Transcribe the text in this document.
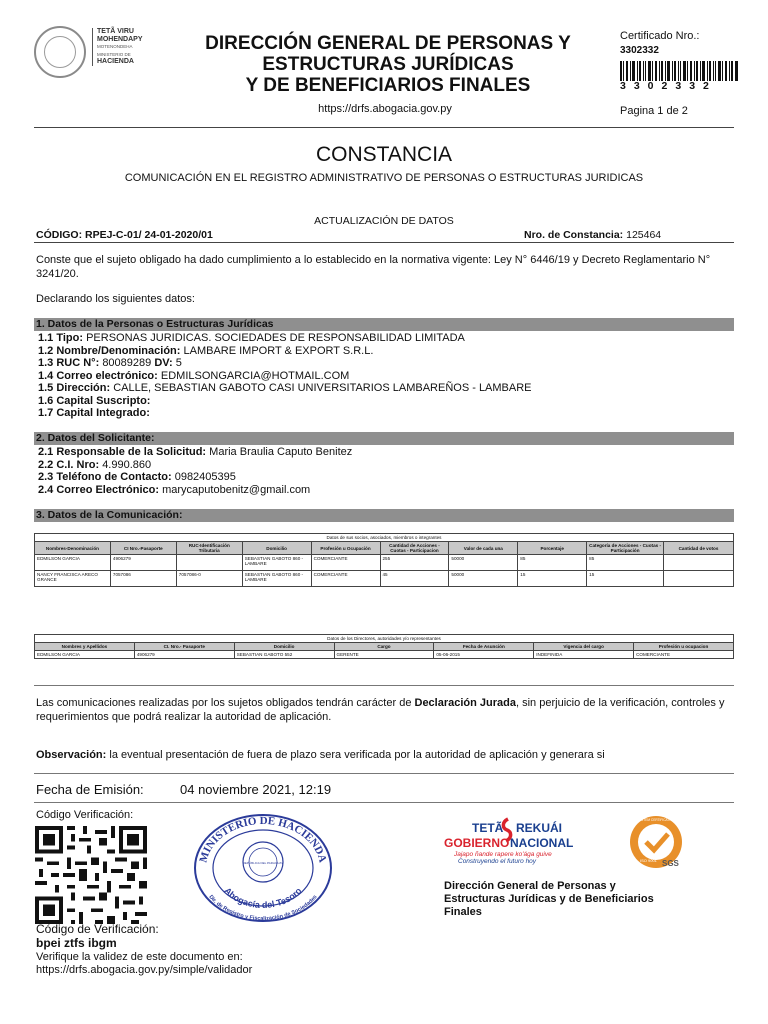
TETÃ VIRU
MOHENDAPY
MOTENONDEHA
MINISTERIO DE
HACIENDA
DIRECCIÓN GENERAL DE PERSONAS Y
ESTRUCTURAS JURÍDICAS
Y DE BENEFICIARIOS FINALES
https://drfs.abogacia.gov.py
Certificado Nro.:
3302332
3302332
Pagina 1 de 2
CONSTANCIA
COMUNICACIÓN EN EL REGISTRO ADMINISTRATIVO DE PERSONAS O ESTRUCTURAS JURIDICAS
ACTUALIZACIÓN DE DATOS
CÓDIGO: RPEJ-C-01/ 24-01-2020/01	Nro. de Constancia: 125464
Conste que el sujeto obligado ha dado cumplimiento a lo establecido en la normativa vigente: Ley N° 6446/19 y Decreto Reglamentario N° 3241/20.
Declarando los siguientes datos:
1. Datos de la Personas o Estructuras Jurídicas
1.1 Tipo: PERSONAS JURIDICAS. SOCIEDADES DE RESPONSABILIDAD LIMITADA
1.2 Nombre/Denominación: LAMBARE IMPORT & EXPORT S.R.L.
1.3 RUC N°: 80089289 DV: 5
1.4 Correo electrónico: EDMILSONGARCIA@HOTMAIL.COM
1.5 Dirección: CALLE, SEBASTIAN GABOTO CASI UNIVERSITARIOS LAMBAREÑOS - LAMBARE
1.6 Capital Suscripto:
1.7 Capital Integrado:
2. Datos del Solicitante:
2.1 Responsable de la Solicitud: Maria Braulia Caputo Benitez
2.2 C.I. Nro: 4.990.860
2.3 Teléfono de Contacto: 0982405395
2.4 Correo Electrónico: marycaputobenitz@gmail.com
3. Datos de la Comunicación:
Datos de sus socios, asociados, miembros o integrantes									
Nombres-Denominación	CI Nro.-Pasaporte	RUC-Identificación Tributaria	Domicilio	Profesión u Ocupación	Cantidad de Acciones - Cuotas - Participacion	Valor de cada una	Porcentaje	Categoría de Acciones - Cuotas - Participación	Cantidad de votos
EDMILSON GARCIA	4906279		SEBASTIAN GABOTO 860 - LAMBARE	COMERCIANTE	255	50000	85	85	
NANCY FRANCISCA ARECO GRANCE	7057086	7057086-0	SEBASTIAN GABOTO 860 - LAMBARE	COMERCIANTE	45	50000	15	15	
Datos de los Directores, autoridades y/o representantes						
Nombres y Apellidos	CI. Nro.- Pasaporte	Domicilio	Cargo	Fecha de Asunción	Vigencia del cargo	Profesión u ocupacion
EDMILSON GARCIA	4906279	SEBASTIAN GABOTO 552	GERENTE	05-06-2015	INDEFINIDA	COMERCIANTE
Las comunicaciones realizadas por los sujetos obligados tendrán carácter de Declaración Jurada, sin perjuicio de la verificación, controles y requerimientos que podrá realizar la autoridad de aplicación.
Observación: la eventual presentación de fuera de plazo sera verificada por la autoridad de aplicación y generara si
Fecha de Emisión:	04 noviembre 2021, 12:19
Código Verificación:
MINISTERIO DE HACIENDA
Abogacía del Tesoro
Dir. de Registro y Fiscalización de Sociedades
REPÚBLICA DEL PARAGUAY
TETÃ REKUÁI
GOBIERNO NACIONAL
Jajapo ñande rapere ko'ága guive
Construyendo el futuro hoy
SYSTEM CERTIFICATION
ISO 9001 SGS
Dirección General de Personas y
Estructuras Jurídicas y de Beneficiarios
Finales
Código de Verificación:
bpei ztfs ibgm
Verifique la validez de este documento en:
https://drfs.abogacia.gov.py/simple/validador
